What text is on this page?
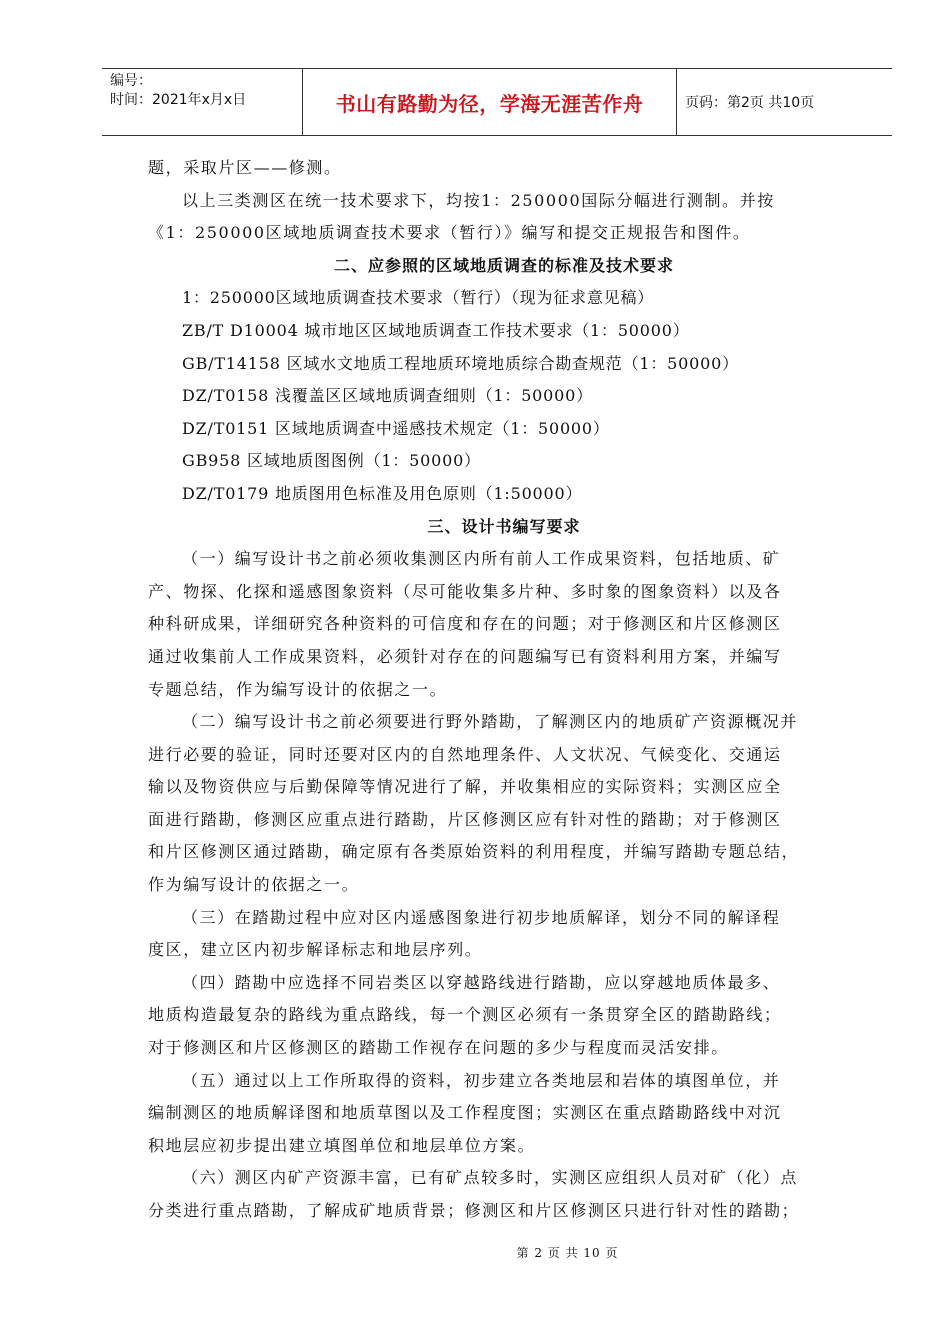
编号：
时间：2021年x月x日	书山有路勤为径，学海无涯苦作舟	页码：第2页 共10页
题，采取片区——修测。
以上三类测区在统一技术要求下，均按1：250000国际分幅进行测制。并按
《1：250000区域地质调查技术要求（暂行）》编写和提交正规报告和图件。
二、应参照的区域地质调查的标准及技术要求
1：250000区域地质调查技术要求（暂行）（现为征求意见稿）
ZB/T D10004 城市地区区域地质调查工作技术要求（1：50000）
GB/T14158 区域水文地质工程地质环境地质综合勘查规范（1：50000）
DZ/T0158 浅覆盖区区域地质调查细则（1：50000）
DZ/T0151 区域地质调查中遥感技术规定（1：50000）
GB958 区域地质图图例（1：50000）
DZ/T0179 地质图用色标准及用色原则（1:50000）
三、设计书编写要求
（一）编写设计书之前必须收集测区内所有前人工作成果资料，包括地质、矿
产、物探、化探和遥感图象资料（尽可能收集多片种、多时象的图象资料）以及各
种科研成果，详细研究各种资料的可信度和存在的问题；对于修测区和片区修测区
通过收集前人工作成果资料，必须针对存在的问题编写已有资料利用方案，并编写
专题总结，作为编写设计的依据之一。
（二）编写设计书之前必须要进行野外踏勘，了解测区内的地质矿产资源概况并
进行必要的验证，同时还要对区内的自然地理条件、人文状况、气候变化、交通运
输以及物资供应与后勤保障等情况进行了解，并收集相应的实际资料；实测区应全
面进行踏勘，修测区应重点进行踏勘，片区修测区应有针对性的踏勘；对于修测区
和片区修测区通过踏勘，确定原有各类原始资料的利用程度，并编写踏勘专题总结，
作为编写设计的依据之一。
（三）在踏勘过程中应对区内遥感图象进行初步地质解译，划分不同的解译程
度区，建立区内初步解译标志和地层序列。
（四）踏勘中应选择不同岩类区以穿越路线进行踏勘，应以穿越地质体最多、
地质构造最复杂的路线为重点路线，每一个测区必须有一条贯穿全区的踏勘路线；
对于修测区和片区修测区的踏勘工作视存在问题的多少与程度而灵活安排。
（五）通过以上工作所取得的资料，初步建立各类地层和岩体的填图单位，并
编制测区的地质解译图和地质草图以及工作程度图；实测区在重点踏勘路线中对沉
积地层应初步提出建立填图单位和地层单位方案。
（六）测区内矿产资源丰富，已有矿点较多时，实测区应组织人员对矿（化）点
分类进行重点踏勘，了解成矿地质背景；修测区和片区修测区只进行针对性的踏勘；
第 2 页 共 10 页
